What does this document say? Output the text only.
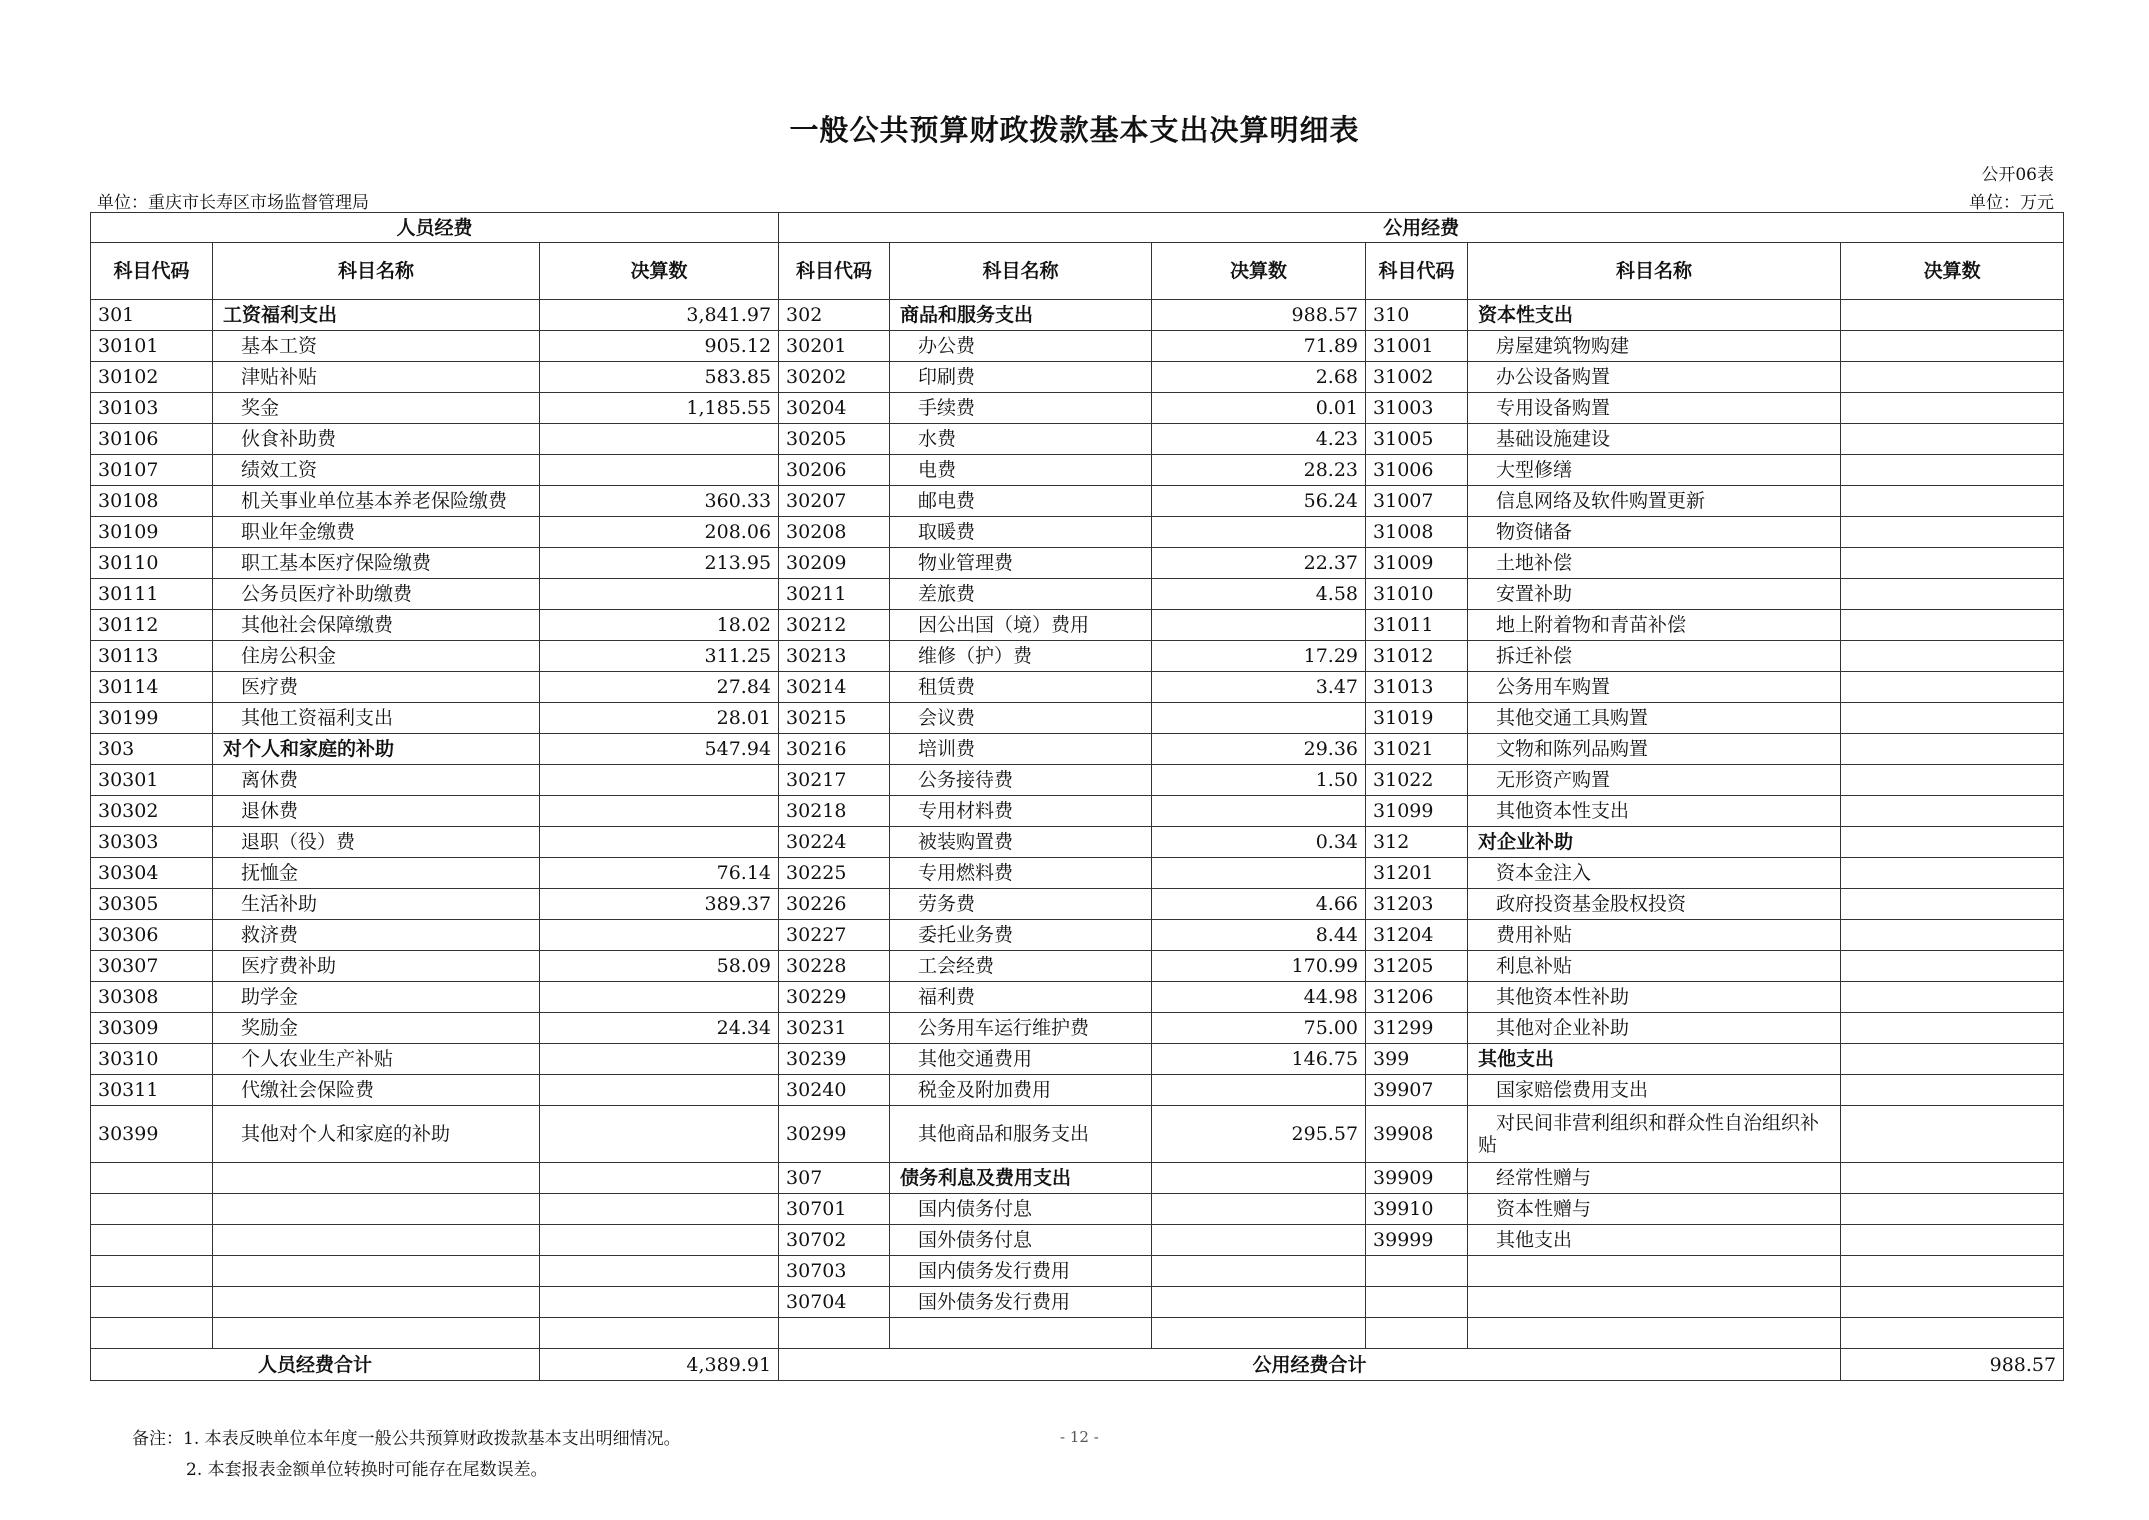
一般公共预算财政拨款基本支出决算明细表
公开06表
单位：重庆市长寿区市场监督管理局	单位：万元
人员经费			公用经费					
科目代码	科目名称	决算数	科目代码	科目名称	决算数	科目代码	科目名称	决算数
301	工资福利支出	3,841.97	302	商品和服务支出	988.57	310	资本性支出	
30101	基本工资	905.12	30201	办公费	71.89	31001	房屋建筑物购建	
30102	津贴补贴	583.85	30202	印刷费	2.68	31002	办公设备购置	
30103	奖金	1,185.55	30204	手续费	0.01	31003	专用设备购置	
30106	伙食补助费		30205	水费	4.23	31005	基础设施建设	
30107	绩效工资		30206	电费	28.23	31006	大型修缮	
30108	机关事业单位基本养老保险缴费	360.33	30207	邮电费	56.24	31007	信息网络及软件购置更新	
30109	职业年金缴费	208.06	30208	取暖费		31008	物资储备	
30110	职工基本医疗保险缴费	213.95	30209	物业管理费	22.37	31009	土地补偿	
30111	公务员医疗补助缴费		30211	差旅费	4.58	31010	安置补助	
30112	其他社会保障缴费	18.02	30212	因公出国（境）费用		31011	地上附着物和青苗补偿	
30113	住房公积金	311.25	30213	维修（护）费	17.29	31012	拆迁补偿	
30114	医疗费	27.84	30214	租赁费	3.47	31013	公务用车购置	
30199	其他工资福利支出	28.01	30215	会议费		31019	其他交通工具购置	
303	对个人和家庭的补助	547.94	30216	培训费	29.36	31021	文物和陈列品购置	
30301	离休费		30217	公务接待费	1.50	31022	无形资产购置	
30302	退休费		30218	专用材料费		31099	其他资本性支出	
30303	退职（役）费		30224	被装购置费	0.34	312	对企业补助	
30304	抚恤金	76.14	30225	专用燃料费		31201	资本金注入	
30305	生活补助	389.37	30226	劳务费	4.66	31203	政府投资基金股权投资	
30306	救济费		30227	委托业务费	8.44	31204	费用补贴	
30307	医疗费补助	58.09	30228	工会经费	170.99	31205	利息补贴	
30308	助学金		30229	福利费	44.98	31206	其他资本性补助	
30309	奖励金	24.34	30231	公务用车运行维护费	75.00	31299	其他对企业补助	
30310	个人农业生产补贴		30239	其他交通费用	146.75	399	其他支出	
30311	代缴社会保险费		30240	税金及附加费用		39907	国家赔偿费用支出	
30399	其他对个人和家庭的补助		30299	其他商品和服务支出	295.57	39908	对民间非营利组织和群众性自治组织补贴	
			307	债务利息及费用支出		39909	经常性赠与	
			30701	国内债务付息		39910	资本性赠与	
			30702	国外债务付息		39999	其他支出	
			30703	国内债务发行费用				
			30704	国外债务发行费用				

人员经费合计		4,389.91	公用经费合计					988.57
备注：1. 本表反映单位本年度一般公共预算财政拨款基本支出明细情况。
2. 本套报表金额单位转换时可能存在尾数误差。
- 12 -
